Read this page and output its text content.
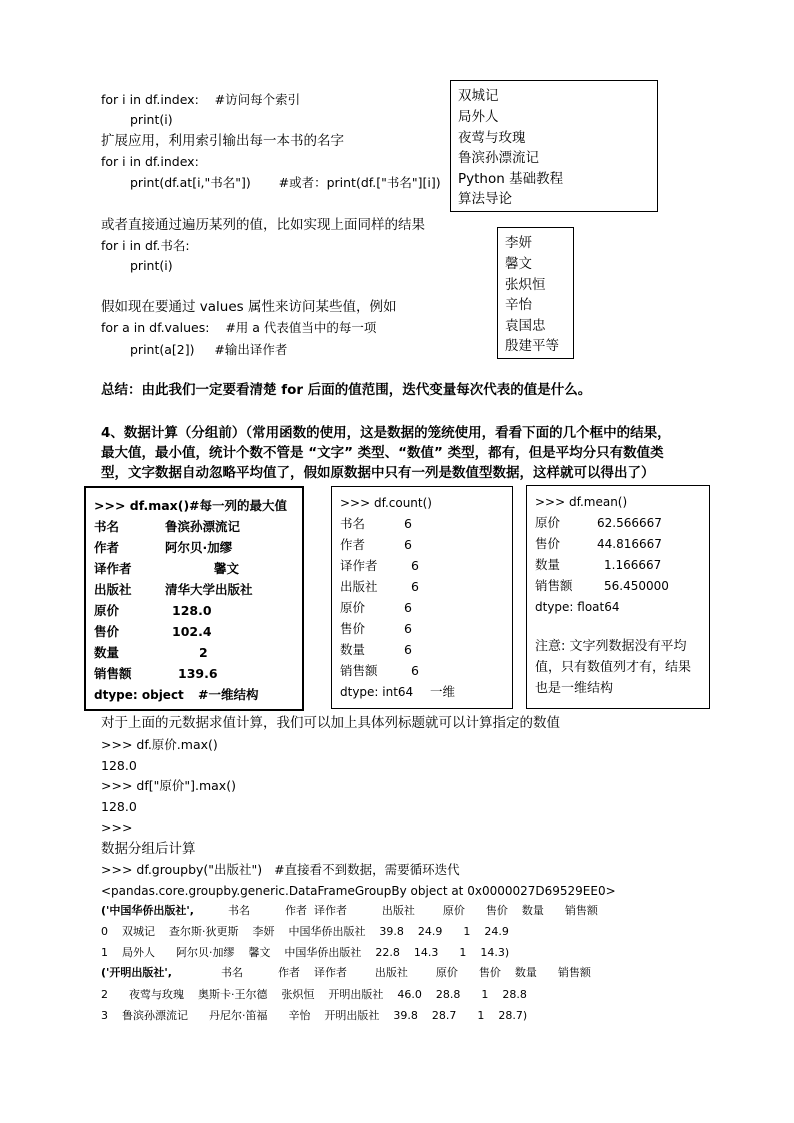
for i in df.index:    #访问每个索引
print(i)
扩展应用，利用索引输出每一本书的名字
for i in df.index:
print(df.at[i,"书名"])       #或者：print(df.["书名"][i])
或者直接通过遍历某列的值，比如实现上面同样的结果
for i in df.书名:
print(i)
假如现在要通过 values 属性来访问某些值，例如
for a in df.values:    #用 a 代表值当中的每一项
print(a[2])     #输出译作者
双城记
局外人
夜莺与玫瑰
鲁滨孙漂流记
Python 基础教程
算法导论
李妍
馨文
张炽恒
辛怡
袁国忠
殷建平等
总结：由此我们一定要看清楚 for 后面的值范围，迭代变量每次代表的值是什么。
4、数据计算（分组前）（常用函数的使用，这是数据的笼统使用，看看下面的几个框中的结果，
最大值，最小值，统计个数不管是 “文字” 类型、“数值” 类型，都有，但是平均分只有数值类
型，文字数据自动忽略平均值了，假如原数据中只有一列是数值型数据，这样就可以得出了）
>>> df.max() #每一列的最大值
书名	鲁滨孙漂流记
作者	阿尔贝·加缪
译作者	馨文
出版社	清华大学出版社
原价	128.0
售价	102.4
数量	2
销售额	139.6
dtype: object #一维结构
>>> df.count()
书名	6
作者	6
译作者	6
出版社	6
原价	6
售价	6
数量	6
销售额	6
dtype: int64 一维
>>> df.mean()
原价	62.566667
售价	44.816667
数量	1.166667
销售额	56.450000
dtype: float64
注意: 文字列数据没有平均
值，只有数值列才有，结果
也是一维结构
对于上面的元数据求值计算，我们可以加上具体列标题就可以计算指定的数值
>>> df.原价.max()
128.0
>>> df["原价"].max()
128.0
>>>
数据分组后计算
>>> df.groupby("出版社")   #直接看不到数据，需要循环迭代
<pandas.core.groupby.generic.DataFrameGroupBy object at 0x0000027D69529EE0>
('中国华侨出版社',	书名          作者  译作者          出版社        原价      售价    数量      销售额
0    双城记    查尔斯·狄更斯    李妍    中国华侨出版社    39.8    24.9      1    24.9
1    局外人      阿尔贝·加缪    馨文    中国华侨出版社    22.8    14.3      1    14.3)
('开明出版社',	书名          作者    译作者        出版社        原价      售价    数量      销售额
2      夜莺与玫瑰    奥斯卡·王尔德    张炽恒    开明出版社    46.0    28.8      1    28.8
3    鲁滨孙漂流记      丹尼尔·笛福      辛怡    开明出版社    39.8    28.7      1    28.7)
